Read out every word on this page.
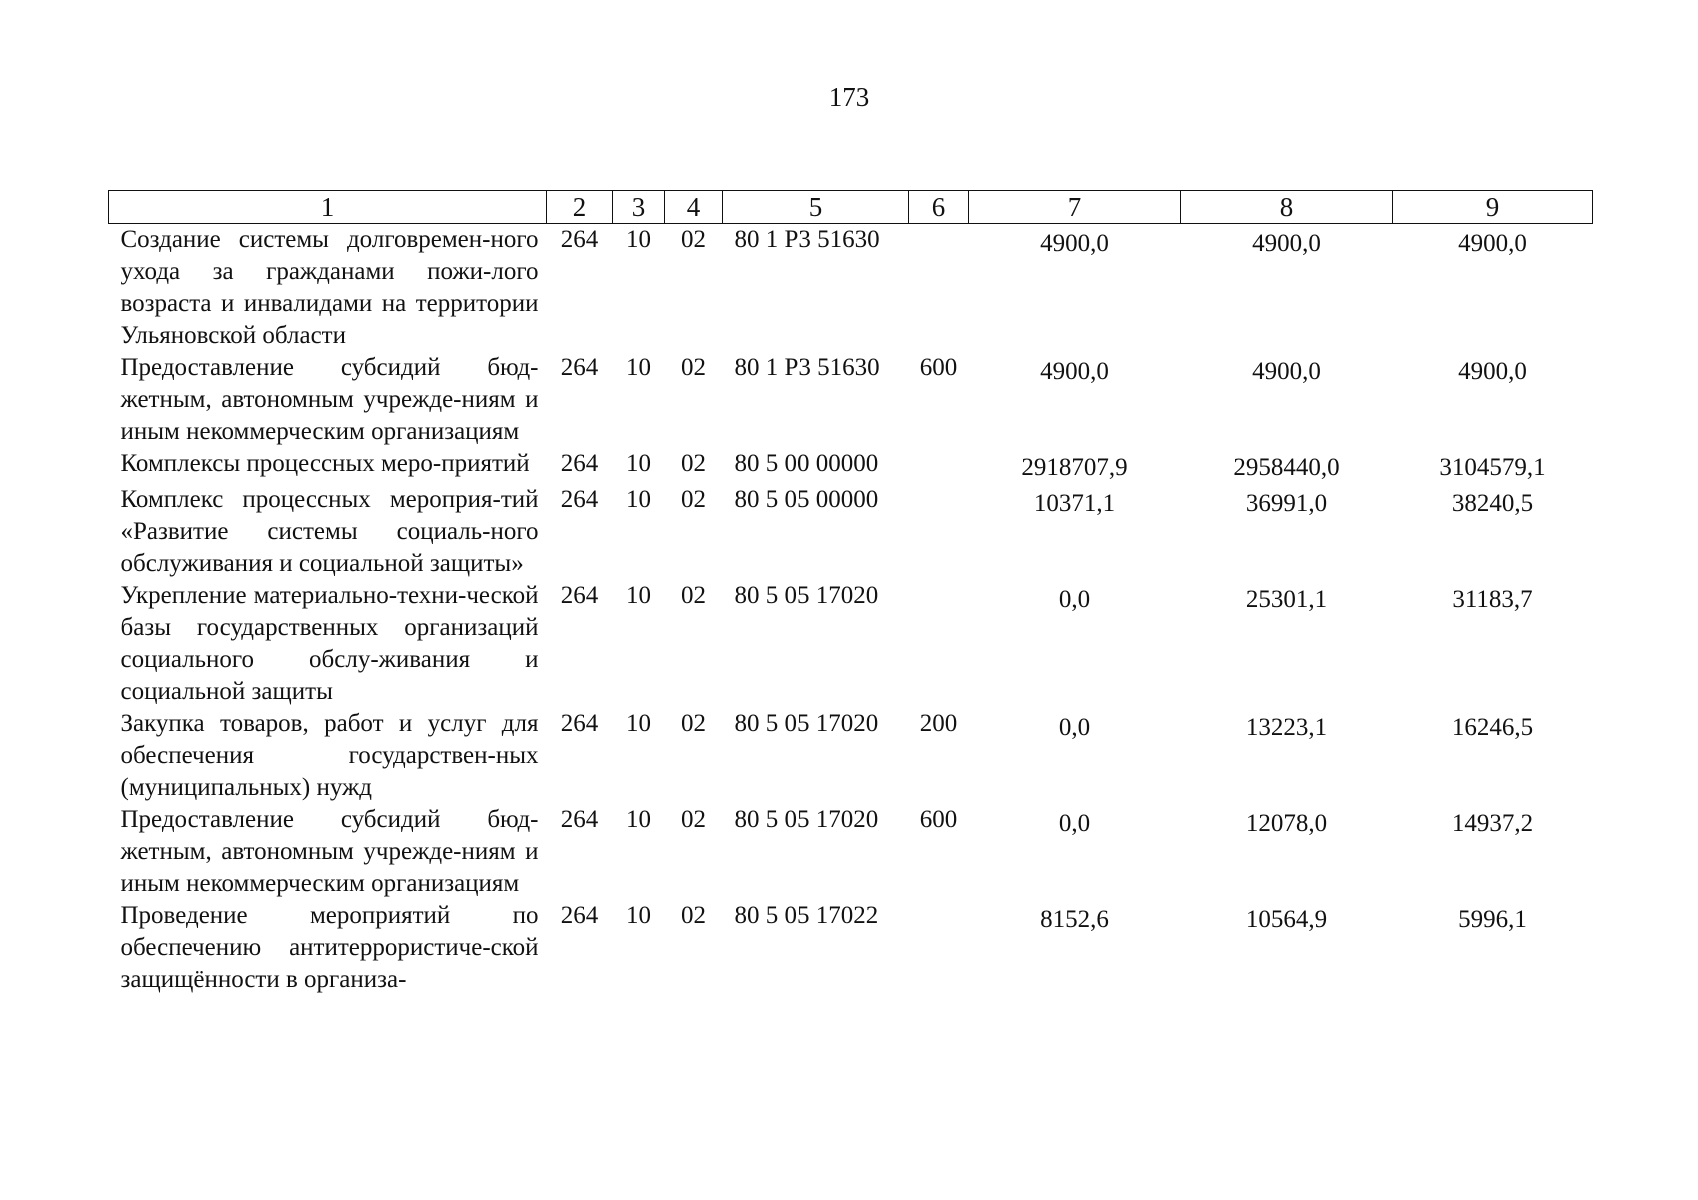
173
1	2	3	4	5	6	7	8	9
Создание системы долговремен-ного ухода за гражданами пожи-лого возраста и инвалидами на территории Ульяновской области	264	10	02	80 1 Р3 51630		4900,0	4900,0	4900,0
Предоставление субсидий бюд-жетным, автономным учрежде-ниям и иным некоммерческим организациям	264	10	02	80 1 Р3 51630	600	4900,0	4900,0	4900,0
Комплексы процессных меро-приятий	264	10	02	80 5 00 00000		2918707,9	2958440,0	3104579,1
Комплекс процессных мероприя-тий «Развитие системы социаль-ного обслуживания и социальной защиты»	264	10	02	80 5 05 00000		10371,1	36991,0	38240,5
Укрепление материально-техни-ческой базы государственных организаций социального обслу-живания и социальной защиты	264	10	02	80 5 05 17020		0,0	25301,1	31183,7
Закупка товаров, работ и услуг для обеспечения государствен-ных (муниципальных) нужд	264	10	02	80 5 05 17020	200	0,0	13223,1	16246,5
Предоставление субсидий бюд-жетным, автономным учрежде-ниям и иным некоммерческим организациям	264	10	02	80 5 05 17020	600	0,0	12078,0	14937,2
Проведение мероприятий по обеспечению антитеррористиче-ской защищённости в организа-	264	10	02	80 5 05 17022		8152,6	10564,9	5996,1
